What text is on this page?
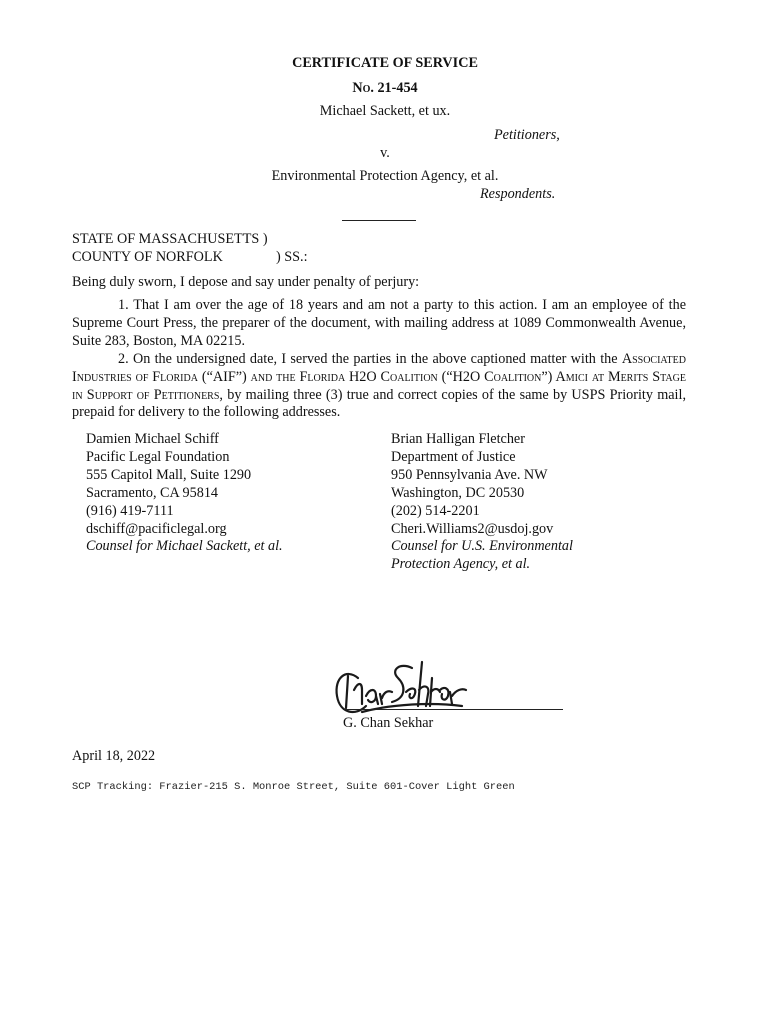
CERTIFICATE OF SERVICE
No. 21-454
Michael Sackett, et ux.
Petitioners,
v.
Environmental Protection Agency, et al.
Respondents.
STATE OF MASSACHUSETTS )
COUNTY OF NORFOLK	) SS.:
Being duly sworn, I depose and say under penalty of perjury:
1. That I am over the age of 18 years and am not a party to this action. I am an employee of the Supreme Court Press, the preparer of the document, with mailing address at 1089 Commonwealth Avenue, Suite 283, Boston, MA 02215.
2. On the undersigned date, I served the parties in the above captioned matter with the Associated Industries of Florida (“AIF”) and the Florida H2O Coalition (“H2O Coalition”) Amici at Merits Stage in Support of Petitioners, by mailing three (3) true and correct copies of the same by USPS Priority mail, prepaid for delivery to the following addresses.
Damien Michael Schiff
Pacific Legal Foundation
555 Capitol Mall, Suite 1290
Sacramento, CA 95814
(916) 419-7111
dschiff@pacificlegal.org
Counsel for Michael Sackett, et al.
Brian Halligan Fletcher
Department of Justice
950 Pennsylvania Ave. NW
Washington, DC 20530
(202) 514-2201
Cheri.Williams2@usdoj.gov
Counsel for U.S. Environmental
Protection Agency, et al.
G. Chan Sekhar
April 18, 2022
SCP Tracking: Frazier-215 S. Monroe Street, Suite 601-Cover Light Green
